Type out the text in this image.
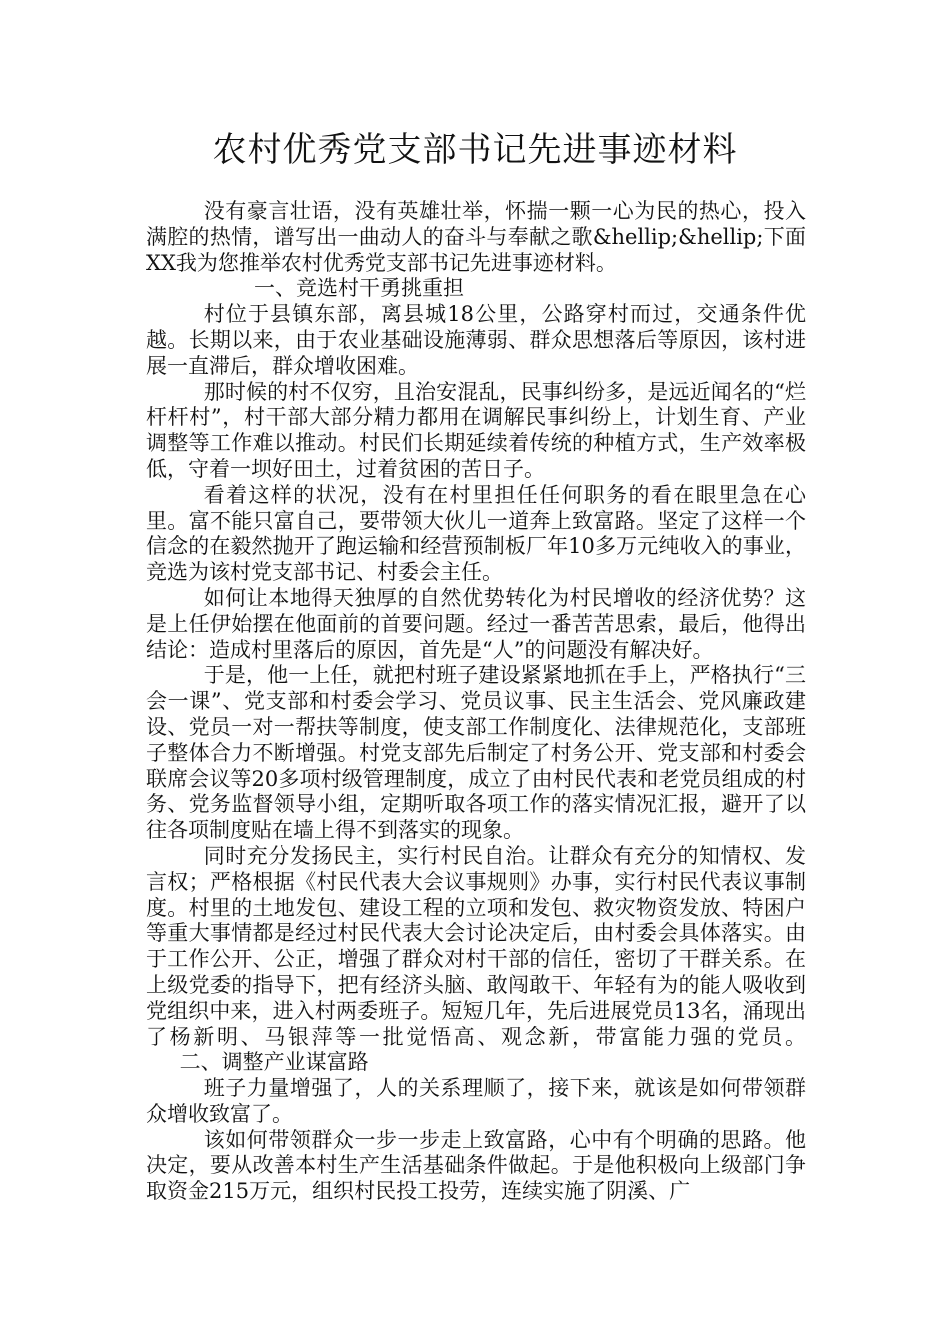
农村优秀党支部书记先进事迹材料

没有豪言壮语，没有英雄壮举，怀揣一颗一心为民的热心，投入满腔的热情，谱写出一曲动人的奋斗与奉献之歌&hellip;&hellip;下面XX我为您推举农村优秀党支部书记先进事迹材料。

一、竞选村干勇挑重担

村位于县镇东部，离县城18公里，公路穿村而过，交通条件优越。长期以来，由于农业基础设施薄弱、群众思想落后等原因，该村进展一直滞后，群众增收困难。

那时候的村不仅穷，且治安混乱，民事纠纷多，是远近闻名的“烂杆杆村”，村干部大部分精力都用在调解民事纠纷上，计划生育、产业调整等工作难以推动。村民们长期延续着传统的种植方式，生产效率极低，守着一坝好田土，过着贫困的苦日子。

看着这样的状况，没有在村里担任任何职务的看在眼里急在心里。富不能只富自己，要带领大伙儿一道奔上致富路。坚定了这样一个信念的在毅然抛开了跑运输和经营预制板厂年10多万元纯收入的事业，竞选为该村党支部书记、村委会主任。

如何让本地得天独厚的自然优势转化为村民增收的经济优势？这是上任伊始摆在他面前的首要问题。经过一番苦苦思索，最后，他得出结论：造成村里落后的原因，首先是“人”的问题没有解决好。

于是，他一上任，就把村班子建设紧紧地抓在手上，严格执行“三会一课”、党支部和村委会学习、党员议事、民主生活会、党风廉政建设、党员一对一帮扶等制度，使支部工作制度化、法律规范化，支部班子整体合力不断增强。村党支部先后制定了村务公开、党支部和村委会联席会议等20多项村级管理制度，成立了由村民代表和老党员组成的村务、党务监督领导小组，定期听取各项工作的落实情况汇报，避开了以往各项制度贴在墙上得不到落实的现象。

同时充分发扬民主，实行村民自治。让群众有充分的知情权、发言权；严格根据《村民代表大会议事规则》办事，实行村民代表议事制度。村里的土地发包、建设工程的立项和发包、救灾物资发放、特困户等重大事情都是经过村民代表大会讨论决定后，由村委会具体落实。由于工作公开、公正，增强了群众对村干部的信任，密切了干群关系。在上级党委的指导下，把有经济头脑、敢闯敢干、年轻有为的能人吸收到党组织中来，进入村两委班子。短短几年，先后进展党员13名，涌现出了杨新明、马银萍等一批觉悟高、观念新，带富能力强的党员。二、调整产业谋富路

班子力量增强了，人的关系理顺了，接下来，就该是如何带领群众增收致富了。

该如何带领群众一步一步走上致富路，心中有个明确的思路。他决定，要从改善本村生产生活基础条件做起。于是他积极向上级部门争取资金215万元，组织村民投工投劳，连续实施了阴溪、广
